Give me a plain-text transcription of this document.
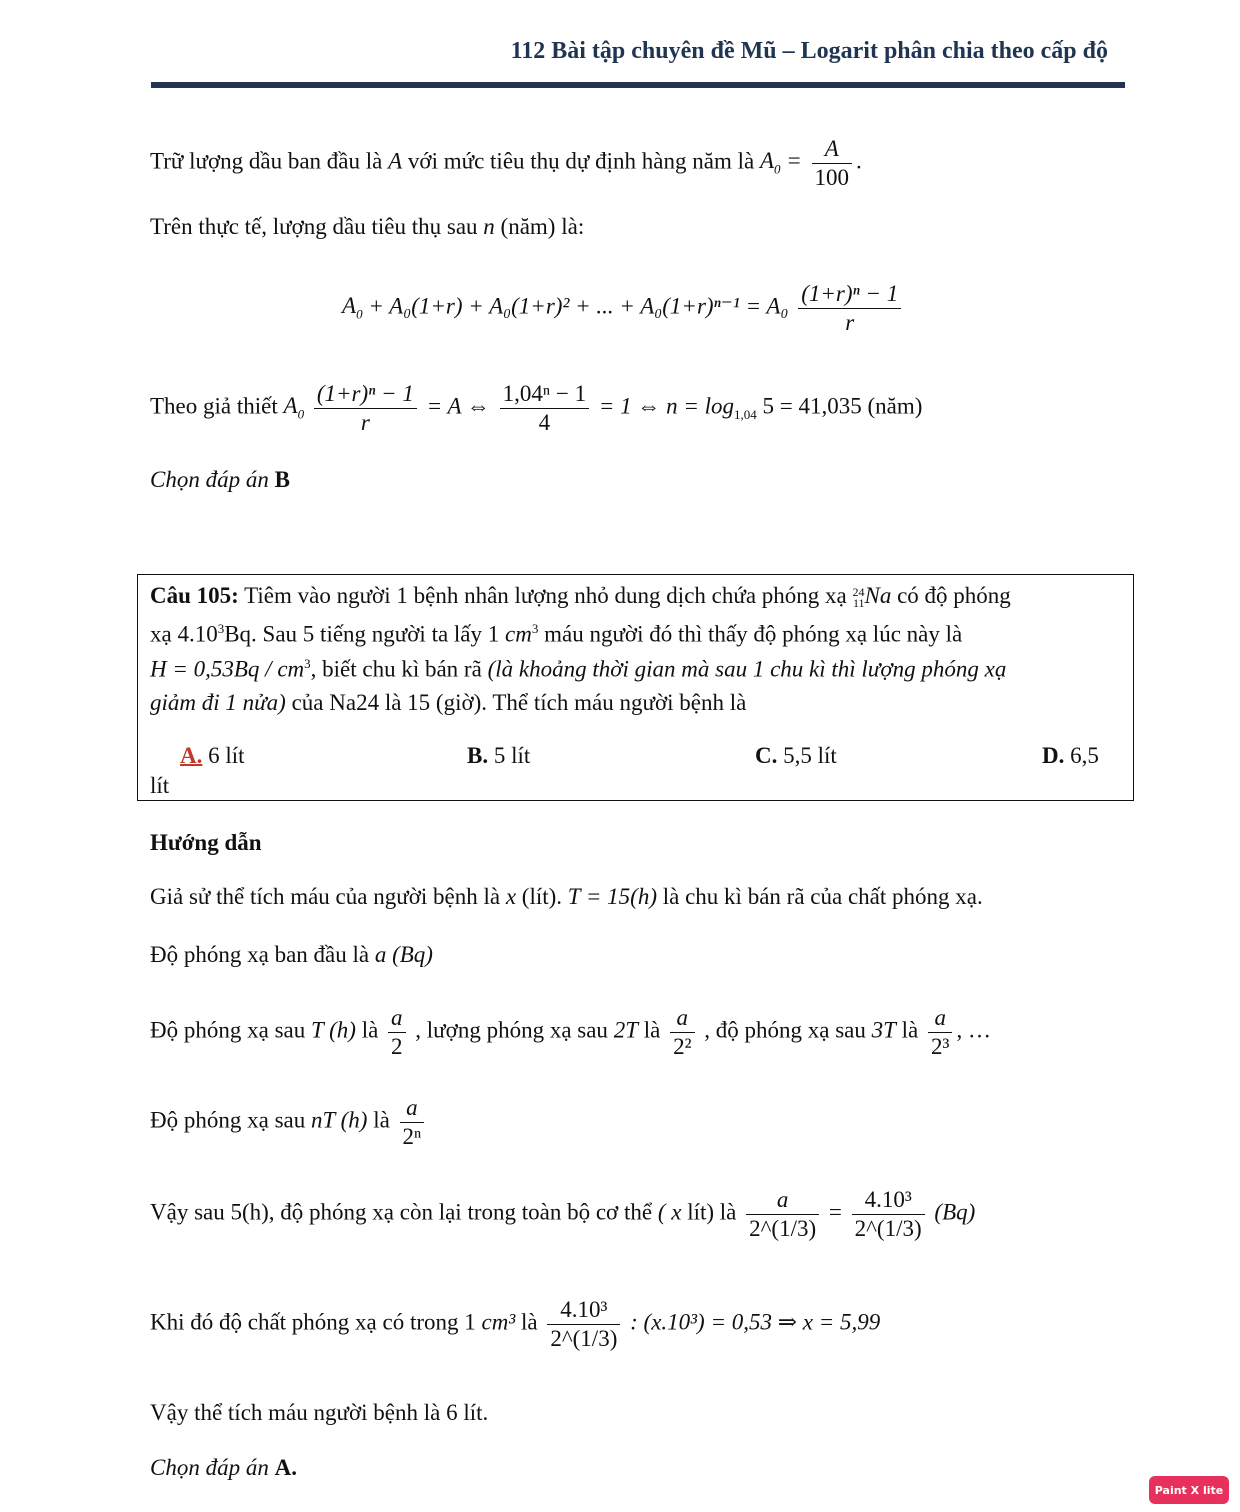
112 Bài tập chuyên đề Mũ – Logarit phân chia theo cấp độ
Trữ lượng dầu ban đầu là A với mức tiêu thụ dự định hàng năm là $A_0 = \frac{A}{100}$ .
Trên thực tế, lượng dầu tiêu thụ sau n (năm) là:
$A_0 + A_0(1+r) + A_0(1+r)^2$ + ... + $A_0(1+r)^{n-1} = A_0 \frac{\text{(1+r)ⁿ − 1}}{r}$
Theo giả thiết $A_0 \frac{\text{(1+r)ⁿ − 1}}{r} = A$ ⇔ $\frac{\text{1,04ⁿ − 1}}{4} = 1$ ⇔ $n = \log_{1,04} 5 = 41,035$ (năm)
Chọn đáp án B
Câu 105: Tiêm vào người 1 bệnh nhân lượng nhỏ dung dịch chứa phóng xạ 24
11 Na có độ phóng
xạ 4.10$^3$Bq. Sau 5 tiếng người ta lấy 1 $cm^3$ máu người đó thì thấy độ phóng xạ lúc này là
$H = 0,53Bq / cm^3$, biết chu kì bán rã (là khoảng thời gian mà sau 1 chu kì thì lượng phóng xạ
giảm đi 1 nửa) của Na24 là 15 (giờ). Thể tích máu người bệnh là
A. 6 lít	B. 5 lít	C. 5,5 lít	D. 6,5
lít
Hướng dẫn
Giả sử thể tích máu của người bệnh là x (lít). T = 15(h) là chu kì bán rã của chất phóng xạ.
Độ phóng xạ ban đầu là a (Bq)
Độ phóng xạ sau T (h) là $\frac{a}{2}$ , lượng phóng xạ sau 2T là $\frac{a}{\text{2²}}$ , độ phóng xạ sau 3T là $\frac{a}{\text{2³}}$ , …
Độ phóng xạ sau nT (h) là $\frac{a}{\text{2ⁿ}}$
Vậy sau 5(h), độ phóng xạ còn lại trong toàn bộ cơ thể ( x lít) là $\frac{a}{2\^{}(1/3)} = \frac{\text{4.10³}}{2\^{}(1/3)} (Bq)$
Khi đó độ chất phóng xạ có trong 1 cm³ là $\frac{\text{4.10³}}{2\^{}(1/3)}$ : (x.10³) = 0,53 ⇒ x = 5,99
Vậy thể tích máu người bệnh là 6 lít.
Chọn đáp án A.
Paint X lite
